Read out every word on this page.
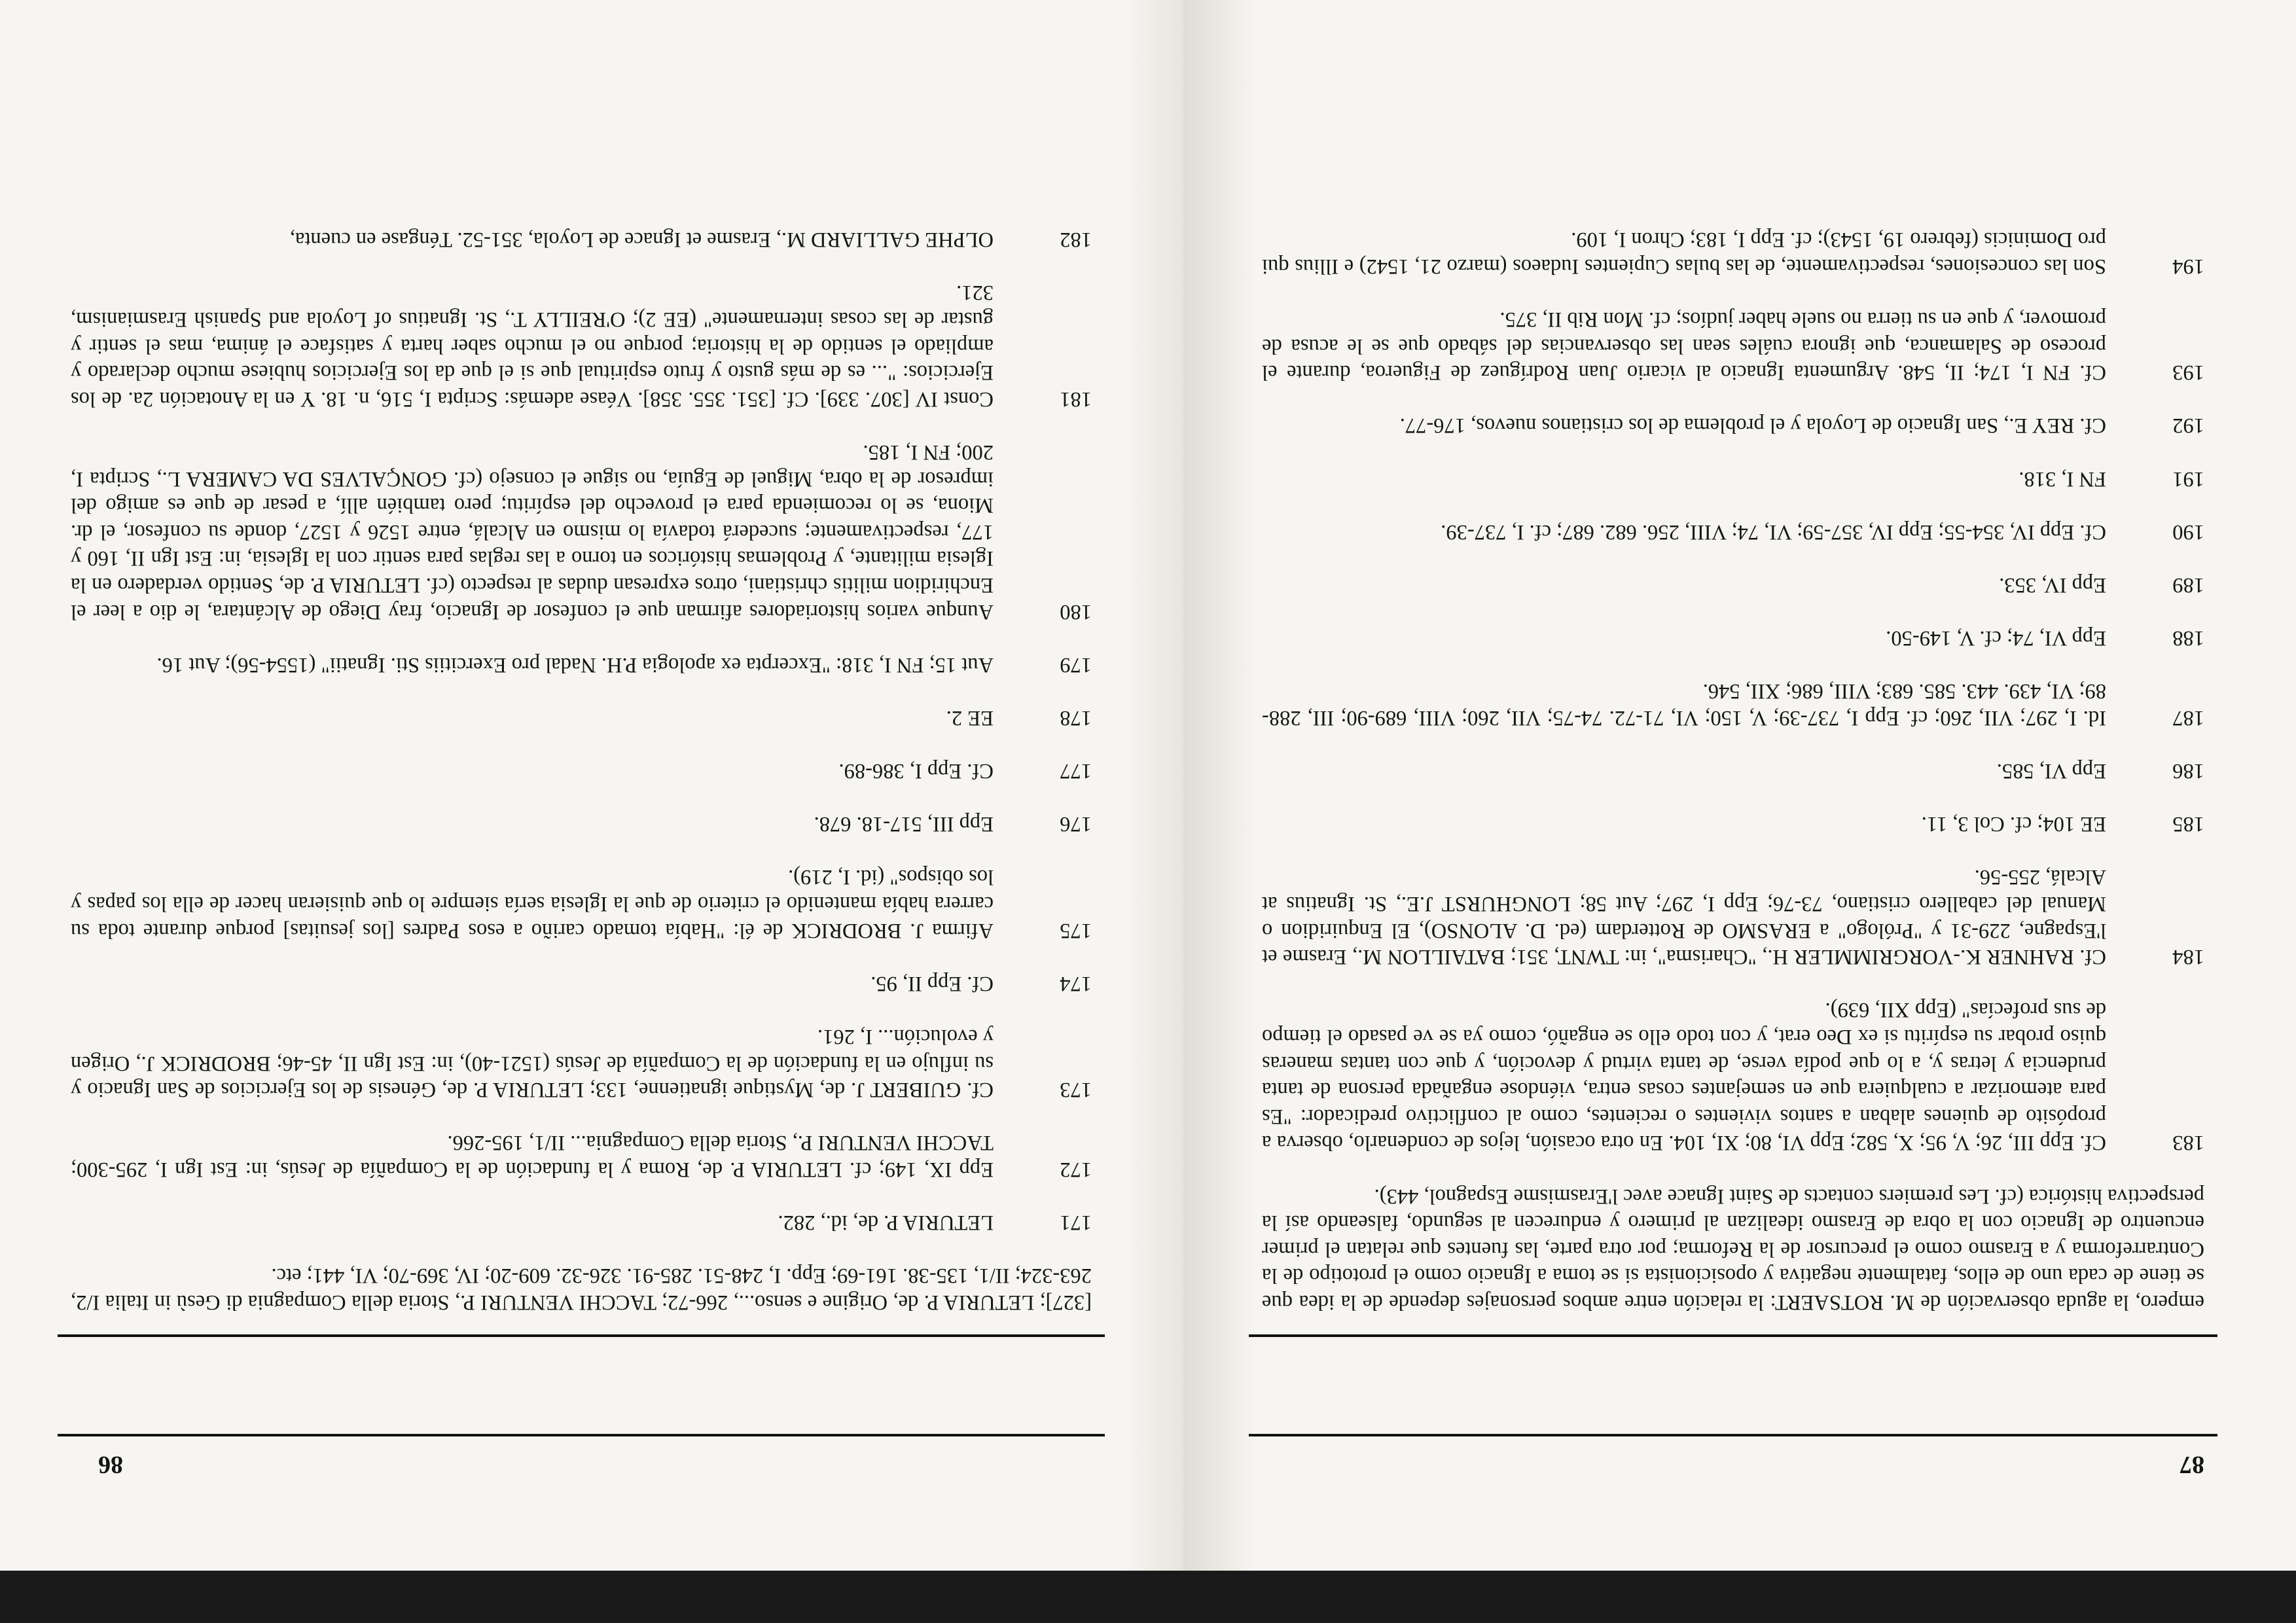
86
[327]; LETURIA P. de, Origine e senso..., 266-72; TACCHI VENTURI P., Storia della Compagnia di Gesù in Italia I/2, 263-324; II/1, 135-38. 161-69; Epp. I, 248-51. 285-91. 326-32. 609-20; IV, 369-70; VI, 441; etc.
171
LETURIA P. de, id., 282.
172
Epp IX, 149; cf. LETURIA P. de, Roma y la fundación de la Compañía de Jesús, in: Est Ign I, 295-300; TACCHI VENTURI P., Storia della Compagnia... II/1, 195-266.
173
Cf. GUIBERT J. de, Mystique ignatienne, 133; LETURIA P. de, Génesis de los Ejercicios de San Ignacio y su influjo en la fundación de la Compañía de Jesús (1521-40), in: Est Ign II, 45-46; BRODRICK J., Origen y evolución... I, 261.
174
Cf. Epp II, 95.
175
Afirma J. BRODRICK de él: "Había tomado cariño a esos Padres [los jesuitas] porque durante toda su carrera había mantenido el criterio de que la Iglesia sería siempre lo que quisieran hacer de ella los papas y los obispos" (id. I, 219).
176
Epp III, 517-18. 678.
177
Cf. Epp I, 386-89.
178
EE 2.
179
Aut 15; FN I, 318: "Excerpta ex apologia P.H. Nadal pro Exercitiis Sti. Ignatii" (1554-56); Aut 16.
180
Aunque varios historiadores afirman que el confesor de Ignacio, fray Diego de Alcántara, le dio a leer el Enchiridion militis christiani, otros expresan dudas al respecto (cf. LETURIA P. de, Sentido verdadero en la Iglesia militante, y Problemas históricos en torno a las reglas para sentir con la Iglesia, in: Est Ign II, 160 y 177, respectivamente; sucederá todavía lo mismo en Alcalá, entre 1526 y 1527, donde su confesor, el dr. Miona, se lo recomienda para el provecho del espíritu; pero también allí, a pesar de que es amigo del impresor de la obra, Miguel de Eguía, no sigue el consejo (cf. GONÇALVES DA CAMERA L., Scripta I, 200; FN I, 185.
181
Const IV [307. 339]. Cf. [351. 355. 358]. Véase además: Scripta I, 516, n. 18. Y en la Anotación 2a. de los Ejercicios: "... es de más gusto y fruto espiritual que si el que da los Ejercicios hubiese mucho declarado y ampliado el sentido de la historia; porque no el mucho saber harta y satisface el ánima, mas el sentir y gustar de las cosas internamente" (EE 2); O'REILLY T., St. Ignatius of Loyola and Spanish Erasmianism, 321.
182
OLPHE GALLIARD M., Erasme et Ignace de Loyola, 351-52. Téngase en cuenta,
87
empero, la aguda observación de M. ROTSAERT: la relación entre ambos personajes depende de la idea que se tiene de cada uno de ellos, fatalmente negativa y oposicionista si se toma a Ignacio como el prototipo de la Contrarreforma y a Erasmo como el precursor de la Reforma; por otra parte, las fuentes que relatan el primer encuentro de Ignacio con la obra de Erasmo idealizan al primero y endurecen al segundo, falseando así la perspectiva histórica (cf. Les premiers contacts de Saint Ignace avec l'Erasmisme Espagnol, 443).
183
Cf. Epp III, 26; V, 95; X, 582; Epp VI, 80; XI, 104. En otra ocasión, lejos de condenarlo, observa a propósito de quienes alaban a santos vivientes o recientes, como al conflictivo predicador: "Es para atemorizar a cualquiera que en semejantes cosas entra, viéndose engañada persona de tanta prudencia y letras y, a lo que podía verse, de tanta virtud y devoción, y que con tantas maneras quiso probar su espíritu si ex Deo erat, y con todo ello se engañó, como ya se ve pasado el tiempo de sus profecías" (Epp XII, 639).
184
Cf. RAHNER K.-VORGRIMMLER H., "Charisma", in: TWNT, 351; BATAILLON M., Erasme et l'Espagne, 229-31 y "Prólogo" a ERASMO de Rotterdam (ed. D. ALONSO), El Enquiridion o Manual del caballero cristiano, 73-76; Epp I, 297; Aut 58; LONGHURST J.E., St. Ignatius at Alcalá, 255-56.
185
EE 104; cf. Col 3, 11.
186
Epp VI, 585.
187
Id. I, 297; VII, 260; cf. Epp I, 737-39; V, 150; VI, 71-72. 74-75; VII, 260; VIII, 689-90; III, 288-89; VI, 439. 443. 585. 683; VIII, 686; XII, 546.
188
Epp VI, 74; cf. V, 149-50.
189
Epp IV, 353.
190
Cf. Epp IV, 354-55; Epp IV, 357-59; VI, 74; VIII, 256. 682. 687; cf. I, 737-39.
191
FN I, 318.
192
Cf. REY E., San Ignacio de Loyola y el problema de los cristianos nuevos, 176-77.
193
Cf. FN I, 174; II, 548. Argumenta Ignacio al vicario Juan Rodríguez de Figueroa, durante el proceso de Salamanca, que ignora cuáles sean las observancias del sábado que se le acusa de promover, y que en su tierra no suele haber judíos; cf. Mon Rib II, 375.
194
Son las concesiones, respectivamente, de las bulas Cupientes Iudaeos (marzo 21, 1542) e Illius qui pro Dominicis (febrero 19, 1543); cf. Epp I, 183; Chron I, 109.
